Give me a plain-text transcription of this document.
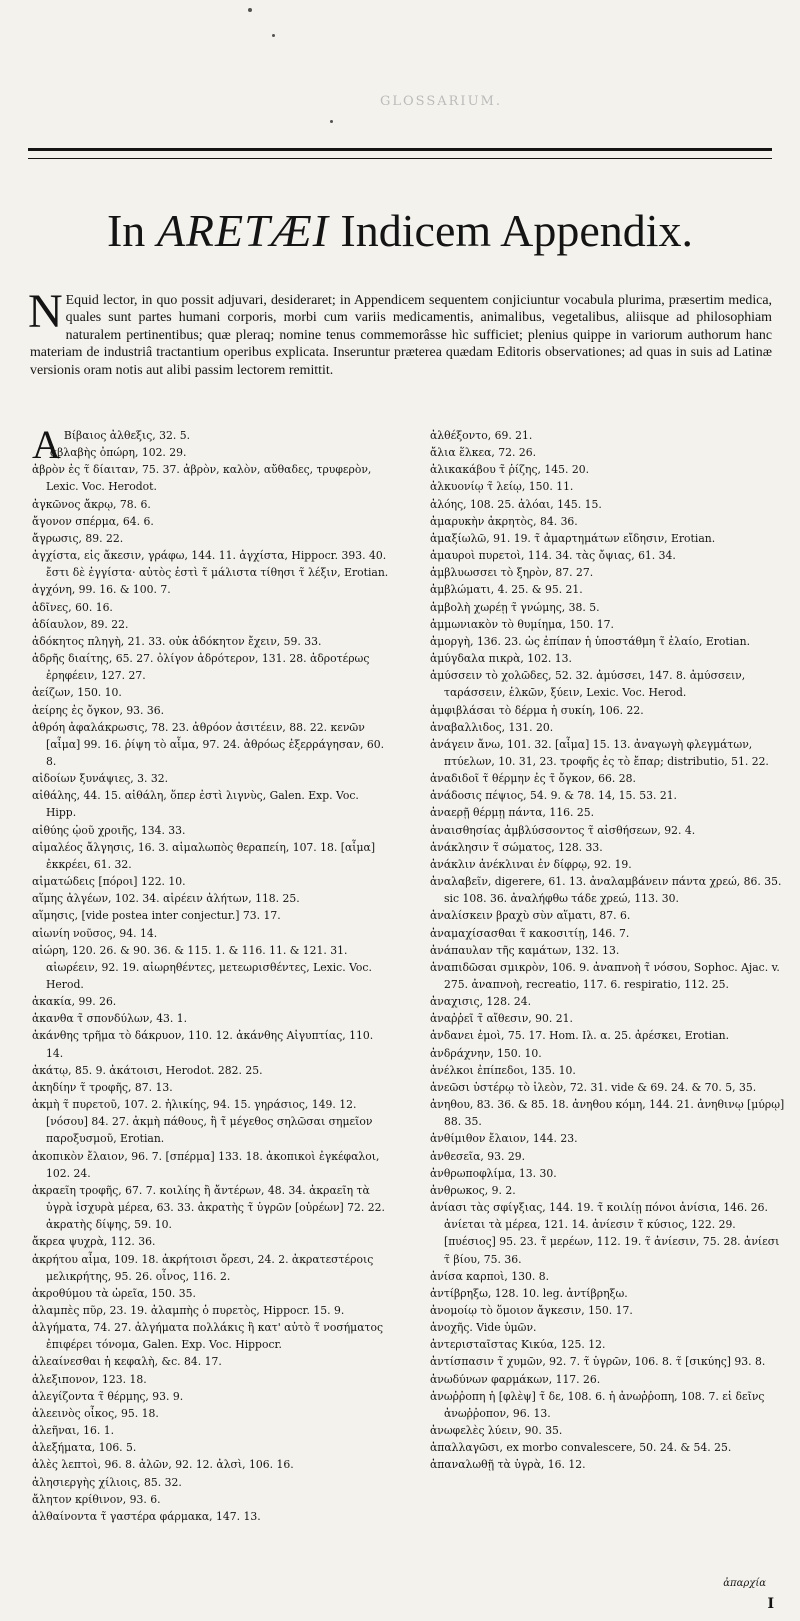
GLOSSARIUM.
In ARETÆI Indicem Appendix.
N Equid lector, in quo possit adjuvari, desideraret; in Appendicem sequentem conjiciuntur vocabula plurima, præsertim medica, quales sunt partes humani corporis, morbi cum variis medicamentis, animalibus, vegetalibus, aliisque ad philosophiam naturalem pertinentibus; quæ pleraq; nomine tenus commemorâsse hìc sufficiet; plenius quippe in variorum authorum hanc materiam de industriâ tractantium operibus explicata. Inseruntur præterea quædam Editoris observationes; ad quas in suis ad Latinæ versionis oram notis aut alibi passim lectorem remittit.

A Βίβαιος ἀλθεξις, 32. 5.

ἀβλαβὴς ὀπώρη, 102. 29.

ἀβρὸν ἐς τ̃ δίαιταν, 75. 37. ἀβρὸν, καλὸν, αὔθαδες, τρυφερὸν, Lexic. Voc. Herodot.

ἀγκῶνος ἄκρῳ, 78. 6.

ἄγονον σπέρμα, 64. 6.

ἄγρωσις, 89. 22.

ἀγχίστα, εἰς ἄκεσιν, γράφω, 144. 11. ἀγχίστα, Hippocr. 393. 40. ἔστι δὲ ἐγγίστα· αὐτὸς ἐστὶ τ̃ μάλιστα τίθησι τ̃ λέξιν, Erotian.

ἀγχόνη, 99. 16. & 100. 7.

ἀδῖνες, 60. 16.

ἀδίαυλον, 89. 22.

ἀδόκητος πληγὴ, 21. 33. οὐκ ἀδόκητον ἔχειν, 59. 33.

ἀδρῆς διαίτης, 65. 27. ὀλίγον ἀδρότερον, 131. 28. ἀδροτέρως ἐρηφέειν, 127. 27.

ἀείζων, 150. 10.

ἀείρης ἐς ὄγκον, 93. 36.

ἀθρόη ἀφαλάκρωσις, 78. 23. ἀθρόον ἀσιτέειν, 88. 22. κενῶν [αἷμα] 99. 16. ῥίψη τὸ αἷμα, 97. 24. ἀθρόως ἐξερράγησαν, 60. 8.

αἰδοίων ξυνάψιες, 3. 32.

αἰθάλης, 44. 15. αἰθάλη, ὅπερ ἐστὶ λιγνὺς, Galen. Exp. Voc. Hipp.

αἰθύης ᾠοῦ χροιῆς, 134. 33.

αἱμαλέος ἄλγησις, 16. 3. αἱμαλωπὸς θεραπείη, 107. 18. [αἷμα] ἐκκρέει, 61. 32.

αἱματώδεις [πόροι] 122. 10.

αἵμης ἀλγέων, 102. 34. αἱρέειν ἀλήτων, 118. 25.

αἵμησις, [vide postea inter conjectur.] 73. 17.

αἰωνίη νοῦσος, 94. 14.

αἰώρη, 120. 26. & 90. 36. & 115. 1. & 116. 11. & 121. 31. αἰωρέειν, 92. 19. αἰωρηθέντες, μετεωρισθέντες, Lexic. Voc. Herod.

ἀκακία, 99. 26.

ἀκανθα τ̃ σπονδύλων, 43. 1.

ἀκάνθης τρῆμα τὸ δάκρυον, 110. 12. ἀκάνθης Αἰγυπτίας, 110. 14.

ἀκάτῳ, 85. 9. ἀκάτοισι, Herodot. 282. 25.

ἀκηδίην τ̃ τροφῆς, 87. 13.

ἀκμὴ τ̃ πυρετοῦ, 107. 2. ἡλικίης, 94. 15. γηράσιος, 149. 12. [νόσου] 84. 27. ἀκμὴ πάθους, ἢ τ̃ μέγεθος σηλῶσαι σημεῖον παροξυσμοῦ, Erotian.

ἀκοπικὸν ἔλαιον, 96. 7. [σπέρμα] 133. 18. ἀκοπικοὶ ἐγκέφαλοι, 102. 24.

ἀκραεῖη τροφῆς, 67. 7. κοιλίης ἢ ἄντέρων, 48. 34. ἀκραεῖη τὰ ὑγρὰ ἰσχυρὰ μέρεα, 63. 33. ἀκρατὴς τ̃ ὑγρῶν [οὐρέων] 72. 22. ἀκρατὴς δίψης, 59. 10.

ἄκρεα ψυχρὰ, 112. 36.

ἀκρήτου αἷμα, 109. 18. ἀκρήτοισι ὄρεσι, 24. 2. ἀκρατεστέροις μελικρήτης, 95. 26. οἶνος, 116. 2.

ἀκροθύμου τὰ ὠρεῖα, 150. 35.

ἀλαμπὲς πῦρ, 23. 19. ἀλαμπὴς ὁ πυρετὸς, Hippocr. 15. 9.

ἀλγήματα, 74. 27. ἀλγήματα πολλάκις ἢ κατ' αὐτὸ τ̃ νοσήματος ἐπιφέρει τόνομα, Galen. Exp. Voc. Hippocr.

ἀλεαίνεσθαι ἡ κεφαλὴ, &c. 84. 17.

ἀλεξιπονον, 123. 18.

ἀλεγίζοντα τ̃ θέρμης, 93. 9.

ἀλεεινὸς οἶκος, 95. 18.

ἀλεῆναι, 16. 1.

ἀλεξήματα, 106. 5.

ἀλὲς λεπτοὶ, 96. 8. ἀλῶν, 92. 12. ἀλσὶ, 106. 16.

ἀλησιεργὴς χίλιοις, 85. 32.

ἄλητον κρίθινον, 93. 6.

ἀλθαίνοντα τ̃ γαστέρα φάρμακα, 147. 13.

ἀλθέξοντο, 69. 21.

ἄλια ἕλκεα, 72. 26.

ἀλικακάβου τ̃ ῥίζης, 145. 20.

ἀλκυονίῳ τ̃ λείῳ, 150. 11.

ἀλόης, 108. 25. ἀλόαι, 145. 15.

ἀμαρυκὴν ἀκρητὸς, 84. 36.

ἀμαξίωλῶ, 91. 19. τ̃ ἀμαρτημάτων εἴδησιν, Erotian.

ἀμαυροὶ πυρετοὶ, 114. 34. τὰς ὄψιας, 61. 34.

ἀμβλυωσσει τὸ ξηρὸν, 87. 27.

ἀμβλώματι, 4. 25. & 95. 21.

ἀμβολὴ χωρέῃ τ̃ γνώμης, 38. 5.

ἀμμωνιακὸν τὸ θυμίημα, 150. 17.

ἀμοργὴ, 136. 23. ὡς ἐπίπαν ἡ ὑποστάθμη τ̃ ἐλαίο, Erotian.

ἀμύγδαλα πικρὰ, 102. 13.

ἀμύσσειν τὸ χολῶδες, 52. 32. ἀμύσσει, 147. 8. ἀμύσσειν, ταράσσειν, ἑλκῶν, ξύειν, Lexic. Voc. Herod.

ἀμφιβλάσαι τὸ δέρμα ἡ συκίη, 106. 22.

ἀναβαλλιδος, 131. 20.

ἀνάγειν ἄνω, 101. 32. [αἷμα] 15. 13. ἀναγωγὴ φλεγμάτων, πτύελων, 10. 31, 23. τροφῆς ἐς τὸ ἔπαρ; distributio, 51. 22.

ἀναδιδοῖ τ̃ θέρμην ἐς τ̃ ὄγκον, 66. 28.

ἀνάδοσις πέψιος, 54. 9. & 78. 14, 15. 53. 21.

ἀναερῇ θέρμῃ πάντα, 116. 25.

ἀναισθησίας ἀμβλύσσοντος τ̃ αἰσθήσεων, 92. 4.

ἀνάκλησιν τ̃ σώματος, 128. 33.

ἀνάκλιν ἀνέκλιναι ἐν δίφρῳ, 92. 19.

ἀναλαβεῖν, digerere, 61. 13. ἀναλαμβάνειν πάντα χρεώ, 86. 35. sic 108. 36. ἀναλήφθω τάδε χρεώ, 113. 30.

ἀναλίσκειν βραχὺ σὺν αἵματι, 87. 6.

ἀναμαχίσασθαι τ̃ κακοσιτίῃ, 146. 7.

ἀνάπαυλαν τῆς καμάτων, 132. 13.

ἀναπιδῶσαι σμικρὸν, 106. 9. ἀναπνοὴ τ̃ νόσου, Sophoc. Ajac. v. 275. ἀναπνοὴ, recreatio, 117. 6. respiratio, 112. 25.

ἀναχισις, 128. 24.

ἀναῤῥεῖ τ̃ αἴθεσιν, 90. 21.

ἀνδανει ἐμοὶ, 75. 17. Hom. Ιλ. α. 25. ἀρέσκει, Erotian.

ἀνδράχνην, 150. 10.

ἀνέλκοι ἐπίπεδοι, 135. 10.

ἀνεῶσι ὑστέρῳ τὸ ἰλεὸν, 72. 31. vide & 69. 24. & 70. 5, 35.

ἀνηθου, 83. 36. & 85. 18. ἀνηθου κόμη, 144. 21. ἀνηθινῳ [μύρῳ] 88. 35.

ἀνθίμιθον ἔλαιον, 144. 23.

ἀνθεσεῖα, 93. 29.

ἀνθρωποφλίμα, 13. 30.

ἀνθρωκος, 9. 2.

ἀνίασι τὰς σφίγξιας, 144. 19. τ̃ κοιλίῃ πόνοι ἀνίσια, 146. 26. ἀνίεται τὰ μέρεα, 121. 14. ἀνίεσιν τ̃ κύσιος, 122. 29. [πυέσιος] 95. 23. τ̃ μερέων, 112. 19. τ̃ ἀνίεσιν, 75. 28. ἀνίεσι τ̃ βίου, 75. 36.

ἀνίσα καρποὶ, 130. 8.

ἀντίβρηξω, 128. 10. leg. ἀντίβρηξω.

ἀνομοίῳ τὸ ὅμοιον ἄγκεσιν, 150. 17.

ἀνοχῆς. Vide ὑμῶν.

ἀντερισταῖστας Κικύα, 125. 12.

ἀντίσπασιν τ̃ χυμῶν, 92. 7. τ̃ ὑγρῶν, 106. 8. τ̃ [σικύης] 93. 8.

ἀνωδύνων φαρμάκων, 117. 26.

ἀνωῤῥοπη ἡ [φλὲψ] τ̃ δε, 108. 6. ἡ ἀνωῤῥοπη, 108. 7. εἰ δεῖνς ἀνωῤῥοπον, 96. 13.

ἀνωφελὲς λύειν, 90. 35.

ἀπαλλαγῶσι, ex morbo convalescere, 50. 24. & 54. 25.

ἀπαναλωθῇ τὰ ὑγρὰ, 16. 12.

ἀπαρχία
I
